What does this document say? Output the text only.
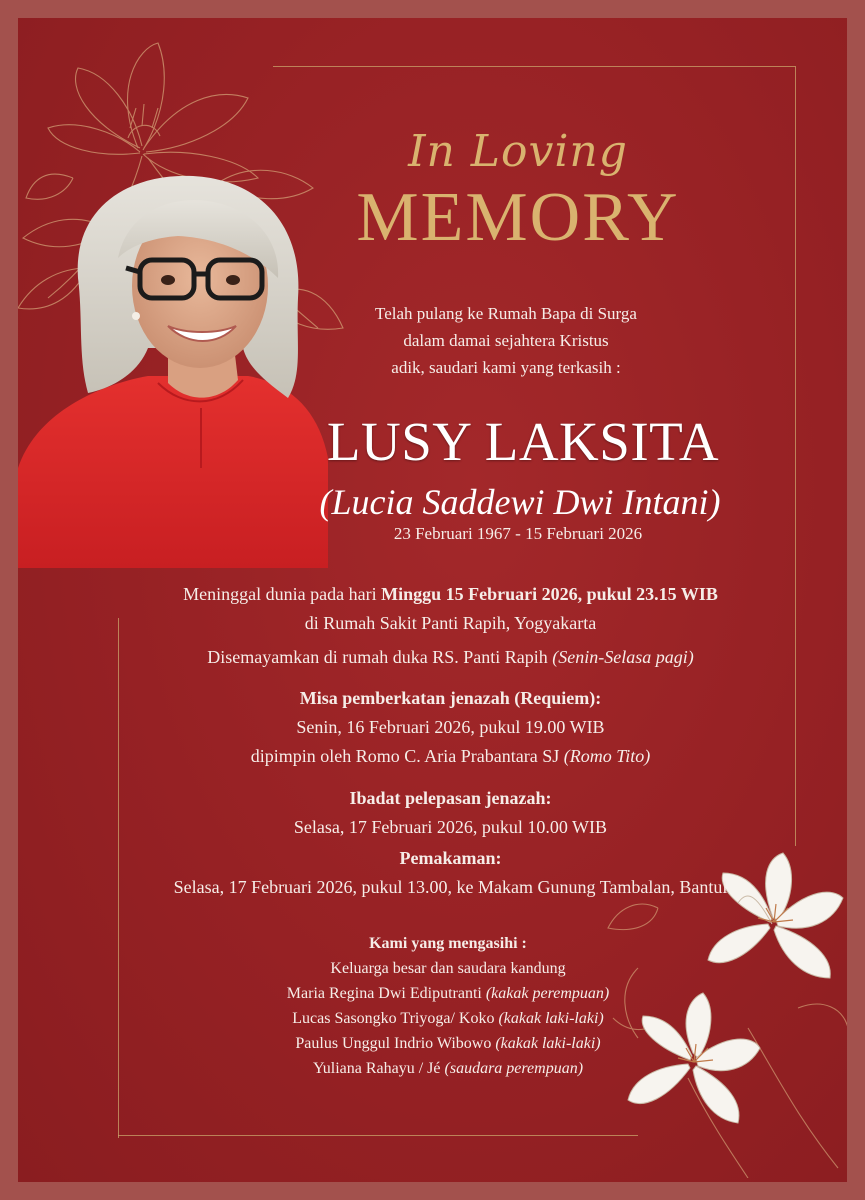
In Loving
MEMORY
Telah pulang ke Rumah Bapa di Surga
dalam damai sejahtera Kristus
adik, saudari kami yang terkasih :
LUSY LAKSITA
(Lucia Saddewi Dwi Intani)
23 Februari 1967 - 15 Februari 2026
Meninggal dunia pada hari Minggu 15 Februari 2026, pukul 23.15 WIB
di Rumah Sakit Panti Rapih, Yogyakarta
Disemayamkan di rumah duka RS. Panti Rapih (Senin-Selasa pagi)
Misa pemberkatan jenazah (Requiem):
Senin, 16 Februari 2026, pukul 19.00 WIB
dipimpin oleh Romo C. Aria Prabantara SJ (Romo Tito)
Ibadat pelepasan jenazah:
Selasa, 17 Februari 2026, pukul 10.00 WIB
Pemakaman:
Selasa, 17 Februari 2026, pukul 13.00, ke Makam Gunung Tambalan, Bantul
Kami yang mengasihi :
Keluarga besar dan saudara kandung
Maria Regina Dwi Ediputranti (kakak perempuan)
Lucas Sasongko Triyoga/ Koko (kakak laki-laki)
Paulus Unggul Indrio Wibowo (kakak laki-laki)
Yuliana Rahayu / Jé (saudara perempuan)
